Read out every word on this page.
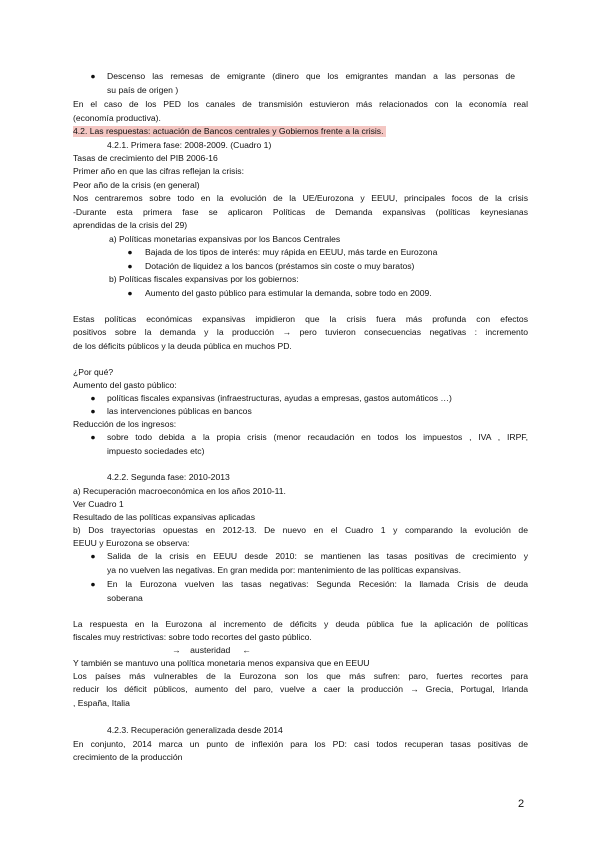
● Descenso las remesas de emigrante (dinero que los emigrantes mandan a las personas de
su país de origen )
En el caso de los PED los canales de transmisión estuvieron más relacionados con la economía real
(economía productiva).
4.2. Las respuestas: actuación de Bancos centrales y Gobiernos frente a la crisis.
4.2.1. Primera fase: 2008-2009. (Cuadro 1)
Tasas de crecimiento del PIB 2006-16
Primer año en que las cifras reflejan la crisis:
Peor año de la crisis (en general)
Nos centraremos sobre todo en la evolución de la UE/Eurozona y EEUU, principales focos de la crisis
-Durante esta primera fase se aplicaron Políticas de Demanda expansivas (políticas keynesianas
aprendidas de la crisis del 29)
a) Políticas monetarias expansivas por los Bancos Centrales
● Bajada de los tipos de interés: muy rápida en EEUU, más tarde en Eurozona
● Dotación de liquidez a los bancos (préstamos sin coste o muy baratos)
b) Políticas fiscales expansivas por los gobiernos:
● Aumento del gasto público para estimular la demanda, sobre todo en 2009.
Estas políticas económicas expansivas impidieron que la crisis fuera más profunda con efectos
positivos sobre la demanda y la producción → pero tuvieron consecuencias negativas : incremento
de los déficits públicos y la deuda pública en muchos PD.
¿Por qué?
Aumento del gasto público:
● políticas fiscales expansivas (infraestructuras, ayudas a empresas, gastos automáticos …)
● las intervenciones públicas en bancos
Reducción de los ingresos:
● sobre todo debida a la propia crisis (menor recaudación en todos los impuestos , IVA , IRPF,
impuesto sociedades etc)
4.2.2. Segunda fase: 2010-2013
a) Recuperación macroeconómica en los años 2010-11.
Ver Cuadro 1
Resultado de las políticas expansivas aplicadas
b) Dos trayectorias opuestas en 2012-13. De nuevo en el Cuadro 1 y comparando la evolución de
EEUU y Eurozona se observa:
● Salida de la crisis en EEUU desde 2010: se mantienen las tasas positivas de crecimiento y
ya no vuelven las negativas. En gran medida por: mantenimiento de las políticas expansivas.
● En la Eurozona vuelven las tasas negativas: Segunda Recesión: la llamada Crisis de deuda
soberana
La respuesta en la Eurozona al incremento de déficits y deuda pública fue la aplicación de políticas
fiscales muy restrictivas: sobre todo recortes del gasto público.
→    austeridad     ←
Y también se mantuvo una política monetaria menos expansiva que en EEUU
Los países más vulnerables de la Eurozona son los que más sufren: paro, fuertes recortes para
reducir los déficit públicos, aumento del paro, vuelve a caer la producción → Grecia, Portugal, Irlanda
, España, Italia
4.2.3. Recuperación generalizada desde 2014
En conjunto, 2014 marca un punto de inflexión para los PD: casi todos recuperan tasas positivas de
crecimiento de la producción
2
